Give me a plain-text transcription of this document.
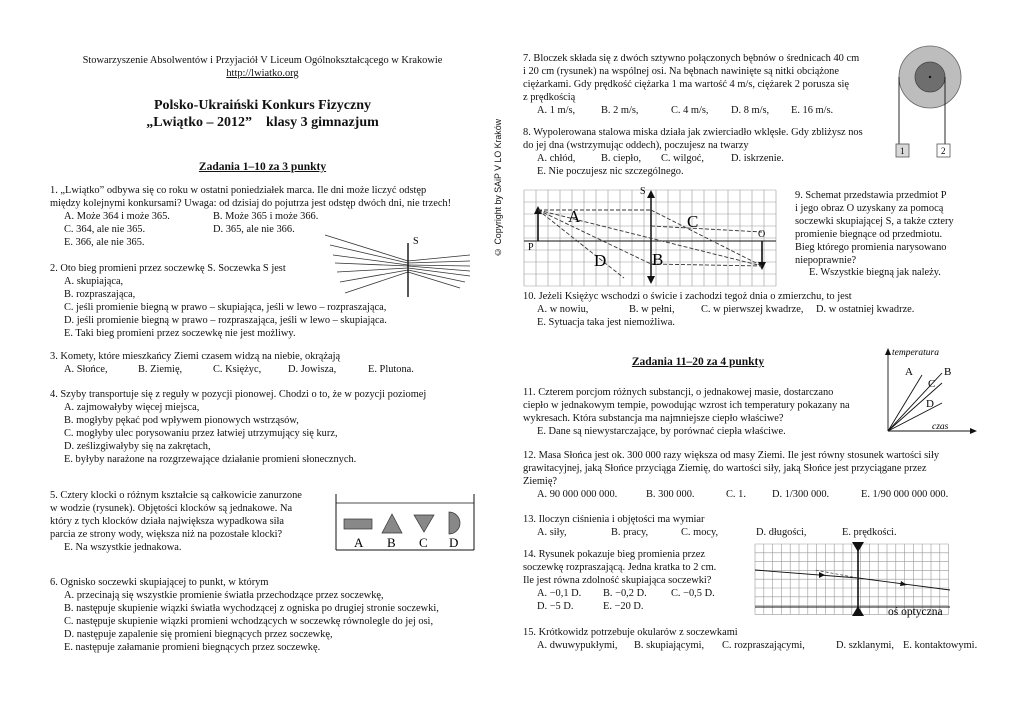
Stowarzyszenie Absolwentów i Przyjaciół V Liceum Ogólnokształcącego w Krakowie
http://lwiatko.org
Polsko-Ukraiński Konkurs Fizyczny
„Lwiątko – 2012”    klasy 3 gimnazjum	© Copyright by SAiP V LO Kraków
Zadania 1–10 za 3 punkty
1. „Lwiątko” odbywa się co roku w ostatni poniedziałek marca. Ile dni może liczyć odstęp
między kolejnymi konkursami? Uwaga: od dzisiaj do pojutrza jest odstęp dwóch dni, nie trzech!
A. Może 364 i może 365.	B. Może 365 i może 366.
C. 364, ale nie 365.	D. 365, ale nie 366.
E. 366, ale nie 365.
2. Oto bieg promieni przez soczewkę S. Soczewka S jest
A. skupiająca,
B. rozpraszająca,
C. jeśli promienie biegną w prawo – skupiająca, jeśli w lewo – rozpraszająca,
D. jeśli promienie biegną w prawo – rozpraszająca, jeśli w lewo – skupiająca.
E. Taki bieg promieni przez soczewkę nie jest możliwy.
S
3. Komety, które mieszkańcy Ziemi czasem widzą na niebie, okrążają
A. Słońce,	B. Ziemię,	C. Księżyc,	D. Jowisza,	E. Plutona.
4. Szyby transportuje się z reguły w pozycji pionowej. Chodzi o to, że w pozycji poziomej
A. zajmowałyby więcej miejsca,
B. mogłyby pękać pod wpływem pionowych wstrząsów,
C. mogłyby ulec porysowaniu przez łatwiej utrzymujący się kurz,
D. ześlizgiwałyby się na zakrętach,
E. byłyby narażone na rozgrzewające działanie promieni słonecznych.
5. Cztery klocki o różnym kształcie są całkowicie zanurzone
w wodzie (rysunek). Objętości klocków są jednakowe. Na
który z tych klocków działa największa wypadkowa siła
parcia ze strony wody, większa niż na pozostałe klocki?
E. Na wszystkie jednakowa.	A B C D
6. Ognisko soczewki skupiającej to punkt, w którym
A. przecinają się wszystkie promienie światła przechodzące przez soczewkę,
B. następuje skupienie wiązki światła wychodzącej z ogniska po drugiej stronie soczewki,
C. następuje skupienie wiązki promieni wchodzących w soczewkę równolegle do jej osi,
D. następuje zapalenie się promieni biegnących przez soczewkę,
E. następuje załamanie promieni biegnących przez soczewkę.
7. Bloczek składa się z dwóch sztywno połączonych bębnów o średnicach 40 cm
i 20 cm (rysunek) na wspólnej osi. Na bębnach nawinięte są nitki obciążone
ciężarkami. Gdy prędkość ciężarka 1 ma wartość 4 m/s, ciężarek 2 porusza się
z prędkością
A. 1 m/s, B. 2 m/s,	C. 4 m/s, D. 8 m/s, E. 16 m/s.
1	2
8. Wypolerowana stalowa miska działa jak zwierciadło wklęsłe. Gdy zbliżysz nos
do jej dna (wstrzymując oddech), poczujesz na twarzy
A. chłód, B. ciepło, C. wilgoć,	D. iskrzenie.
E. Nie poczujesz nic szczególnego.
S
P
O
A
D	B
C
9. Schemat przedstawia przedmiot P
i jego obraz O uzyskany za pomocą
soczewki skupiającej S, a także cztery
promienie biegnące od przedmiotu.
Bieg którego promienia narysowano
niepoprawnie?
E. Wszystkie biegną jak należy.
10. Jeżeli Księżyc wschodzi o świcie i zachodzi tegoż dnia o zmierzchu, to jest
A. w nowiu,	B. w pełni,	C. w pierwszej kwadrze, D. w ostatniej kwadrze.
E. Sytuacja taka jest niemożliwa.
Zadania 11–20 za 4 punkty
temperatura
czas
A	B
C
D
11. Czterem porcjom różnych substancji, o jednakowej masie, dostarczano
ciepło w jednakowym tempie, powodując wzrost ich temperatury pokazany na
wykresach. Która substancja ma najmniejsze ciepło właściwe?
E. Dane są niewystarczające, by porównać ciepła właściwe.
12. Masa Słońca jest ok. 300 000 razy większa od masy Ziemi. Ile jest równy stosunek wartości siły
grawitacyjnej, jaką Słońce przyciąga Ziemię, do wartości siły, jaką Słońce jest przyciągane przez
Ziemię?
A. 90 000 000 000.	B. 300 000.	C. 1.	D. 1/300 000.	E. 1/90 000 000 000.
13. Iloczyn ciśnienia i objętości ma wymiar
A. siły,	B. pracy,	C. mocy,	D. długości,	E. prędkości.
14. Rysunek pokazuje bieg promienia przez
soczewkę rozpraszającą. Jedna kratka to 2 cm.
Ile jest równa zdolność skupiająca soczewki?
A. −0,1 D. B. −0,2 D. C. −0,5 D.
D. −5 D.	E. −20 D.	oś optyczna
15. Krótkowidz potrzebuje okularów z soczewkami
A. dwuwypukłymi, B. skupiającymi, C. rozpraszającymi,	D. szklanymi, E. kontaktowymi.
